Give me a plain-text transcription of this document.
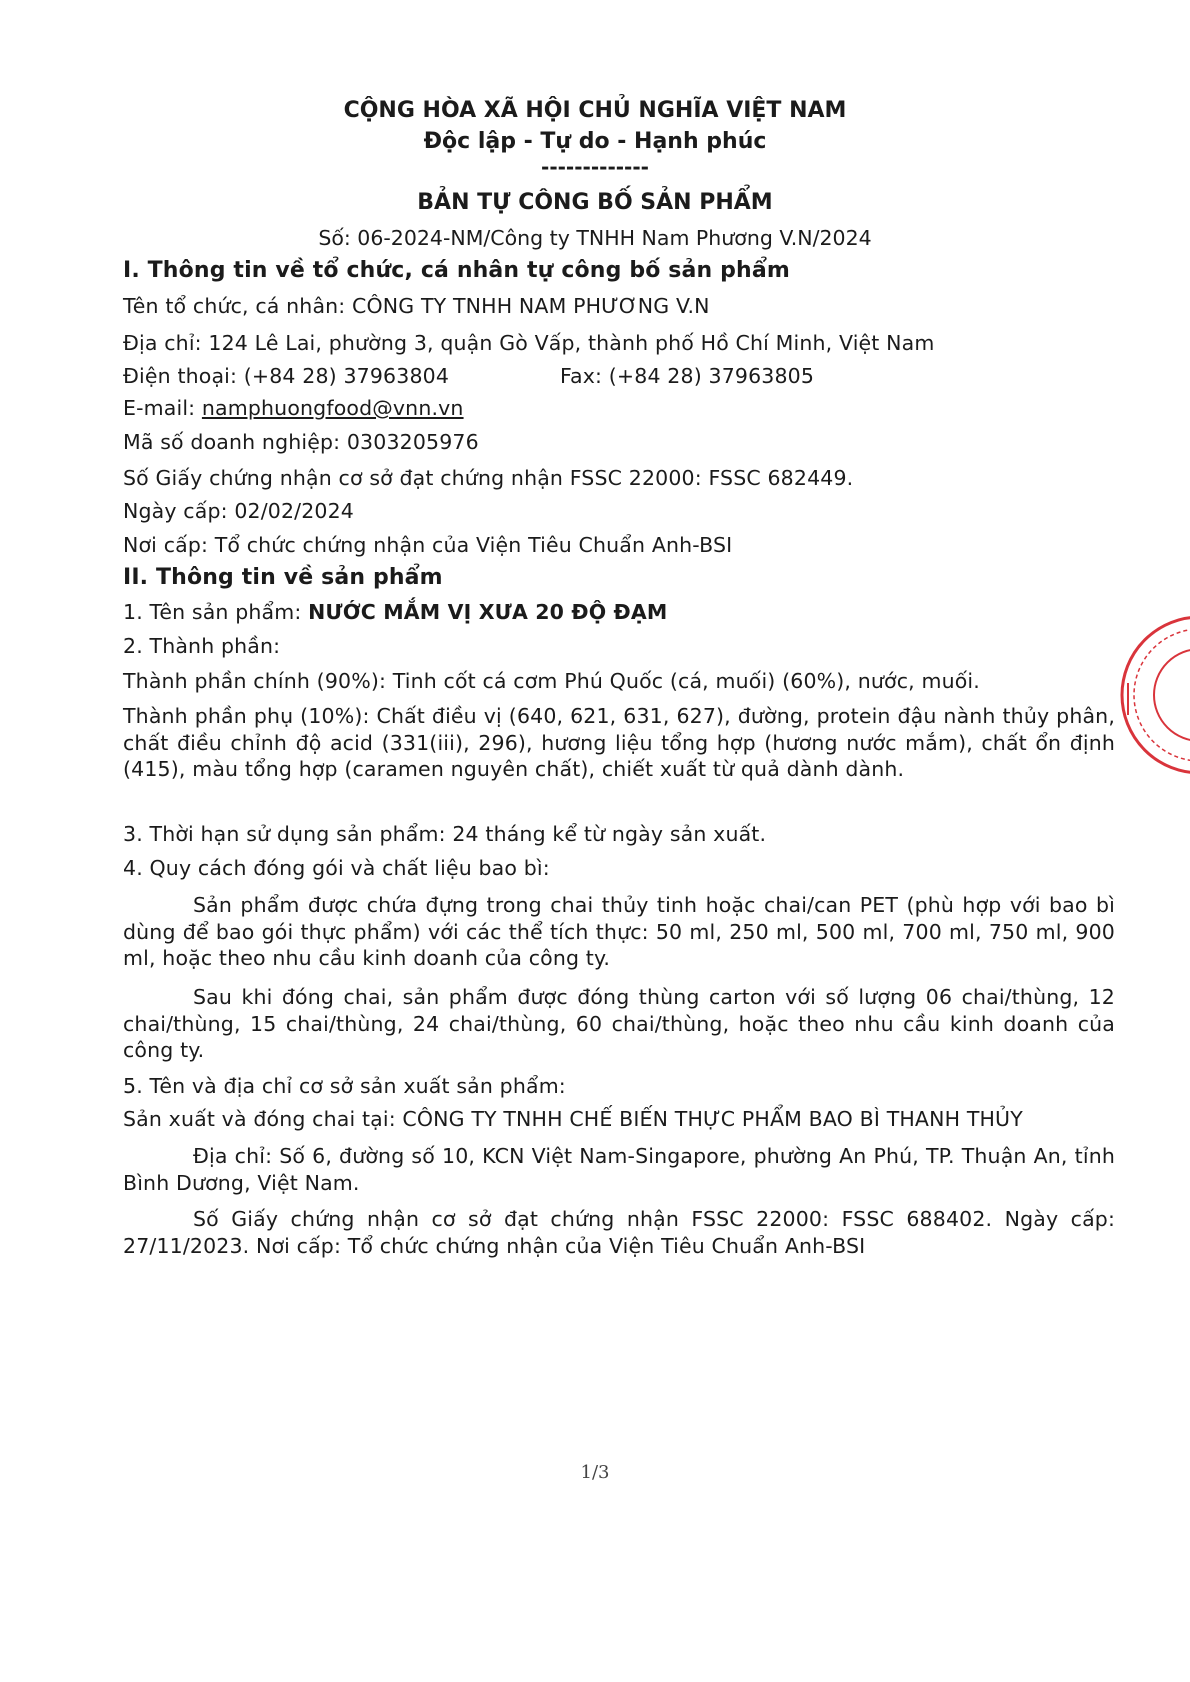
CỘNG HÒA XÃ HỘI CHỦ NGHĨA VIỆT NAM
Độc lập - Tự do - Hạnh phúc
-------------
BẢN TỰ CÔNG BỐ SẢN PHẨM
Số: 06-2024-NM/Công ty TNHH Nam Phương V.N/2024
I. Thông tin về tổ chức, cá nhân tự công bố sản phẩm
Tên tổ chức, cá nhân: CÔNG TY TNHH NAM PHƯƠNG V.N
Địa chỉ: 124 Lê Lai, phường 3, quận Gò Vấp, thành phố Hồ Chí Minh, Việt Nam
Điện thoại: (+84 28) 37963804	Fax: (+84 28) 37963805
E-mail: namphuongfood@vnn.vn
Mã số doanh nghiệp: 0303205976
Số Giấy chứng nhận cơ sở đạt chứng nhận FSSC 22000: FSSC 682449.
Ngày cấp: 02/02/2024
Nơi cấp: Tổ chức chứng nhận của Viện Tiêu Chuẩn Anh-BSI
II. Thông tin về sản phẩm
1. Tên sản phẩm: NƯỚC MẮM VỊ XƯA 20 ĐỘ ĐẠM
2. Thành phần:
Thành phần chính (90%): Tinh cốt cá cơm Phú Quốc (cá, muối) (60%), nước, muối.
Thành phần phụ (10%): Chất điều vị (640, 621, 631, 627), đường, protein đậu nành thủy phân, chất điều chỉnh độ acid (331(iii), 296), hương liệu tổng hợp (hương nước mắm), chất ổn định (415), màu tổng hợp (caramen nguyên chất), chiết xuất từ quả dành dành.
3. Thời hạn sử dụng sản phẩm: 24 tháng kể từ ngày sản xuất.
4. Quy cách đóng gói và chất liệu bao bì:
Sản phẩm được chứa đựng trong chai thủy tinh hoặc chai/can PET (phù hợp với bao bì dùng để bao gói thực phẩm) với các thể tích thực: 50 ml, 250 ml, 500 ml, 700 ml, 750 ml, 900 ml, hoặc theo nhu cầu kinh doanh của công ty.
Sau khi đóng chai, sản phẩm được đóng thùng carton với số lượng 06 chai/thùng, 12 chai/thùng, 15 chai/thùng, 24 chai/thùng, 60 chai/thùng, hoặc theo nhu cầu kinh doanh của công ty.
5. Tên và địa chỉ cơ sở sản xuất sản phẩm:
Sản xuất và đóng chai tại: CÔNG TY TNHH CHẾ BIẾN THỰC PHẨM BAO BÌ THANH THỦY
Địa chỉ: Số 6, đường số 10, KCN Việt Nam-Singapore, phường An Phú, TP. Thuận An, tỉnh Bình Dương, Việt Nam.
Số Giấy chứng nhận cơ sở đạt chứng nhận FSSC 22000: FSSC 688402. Ngày cấp: 27/11/2023. Nơi cấp: Tổ chức chứng nhận của Viện Tiêu Chuẩn Anh-BSI
1/3
